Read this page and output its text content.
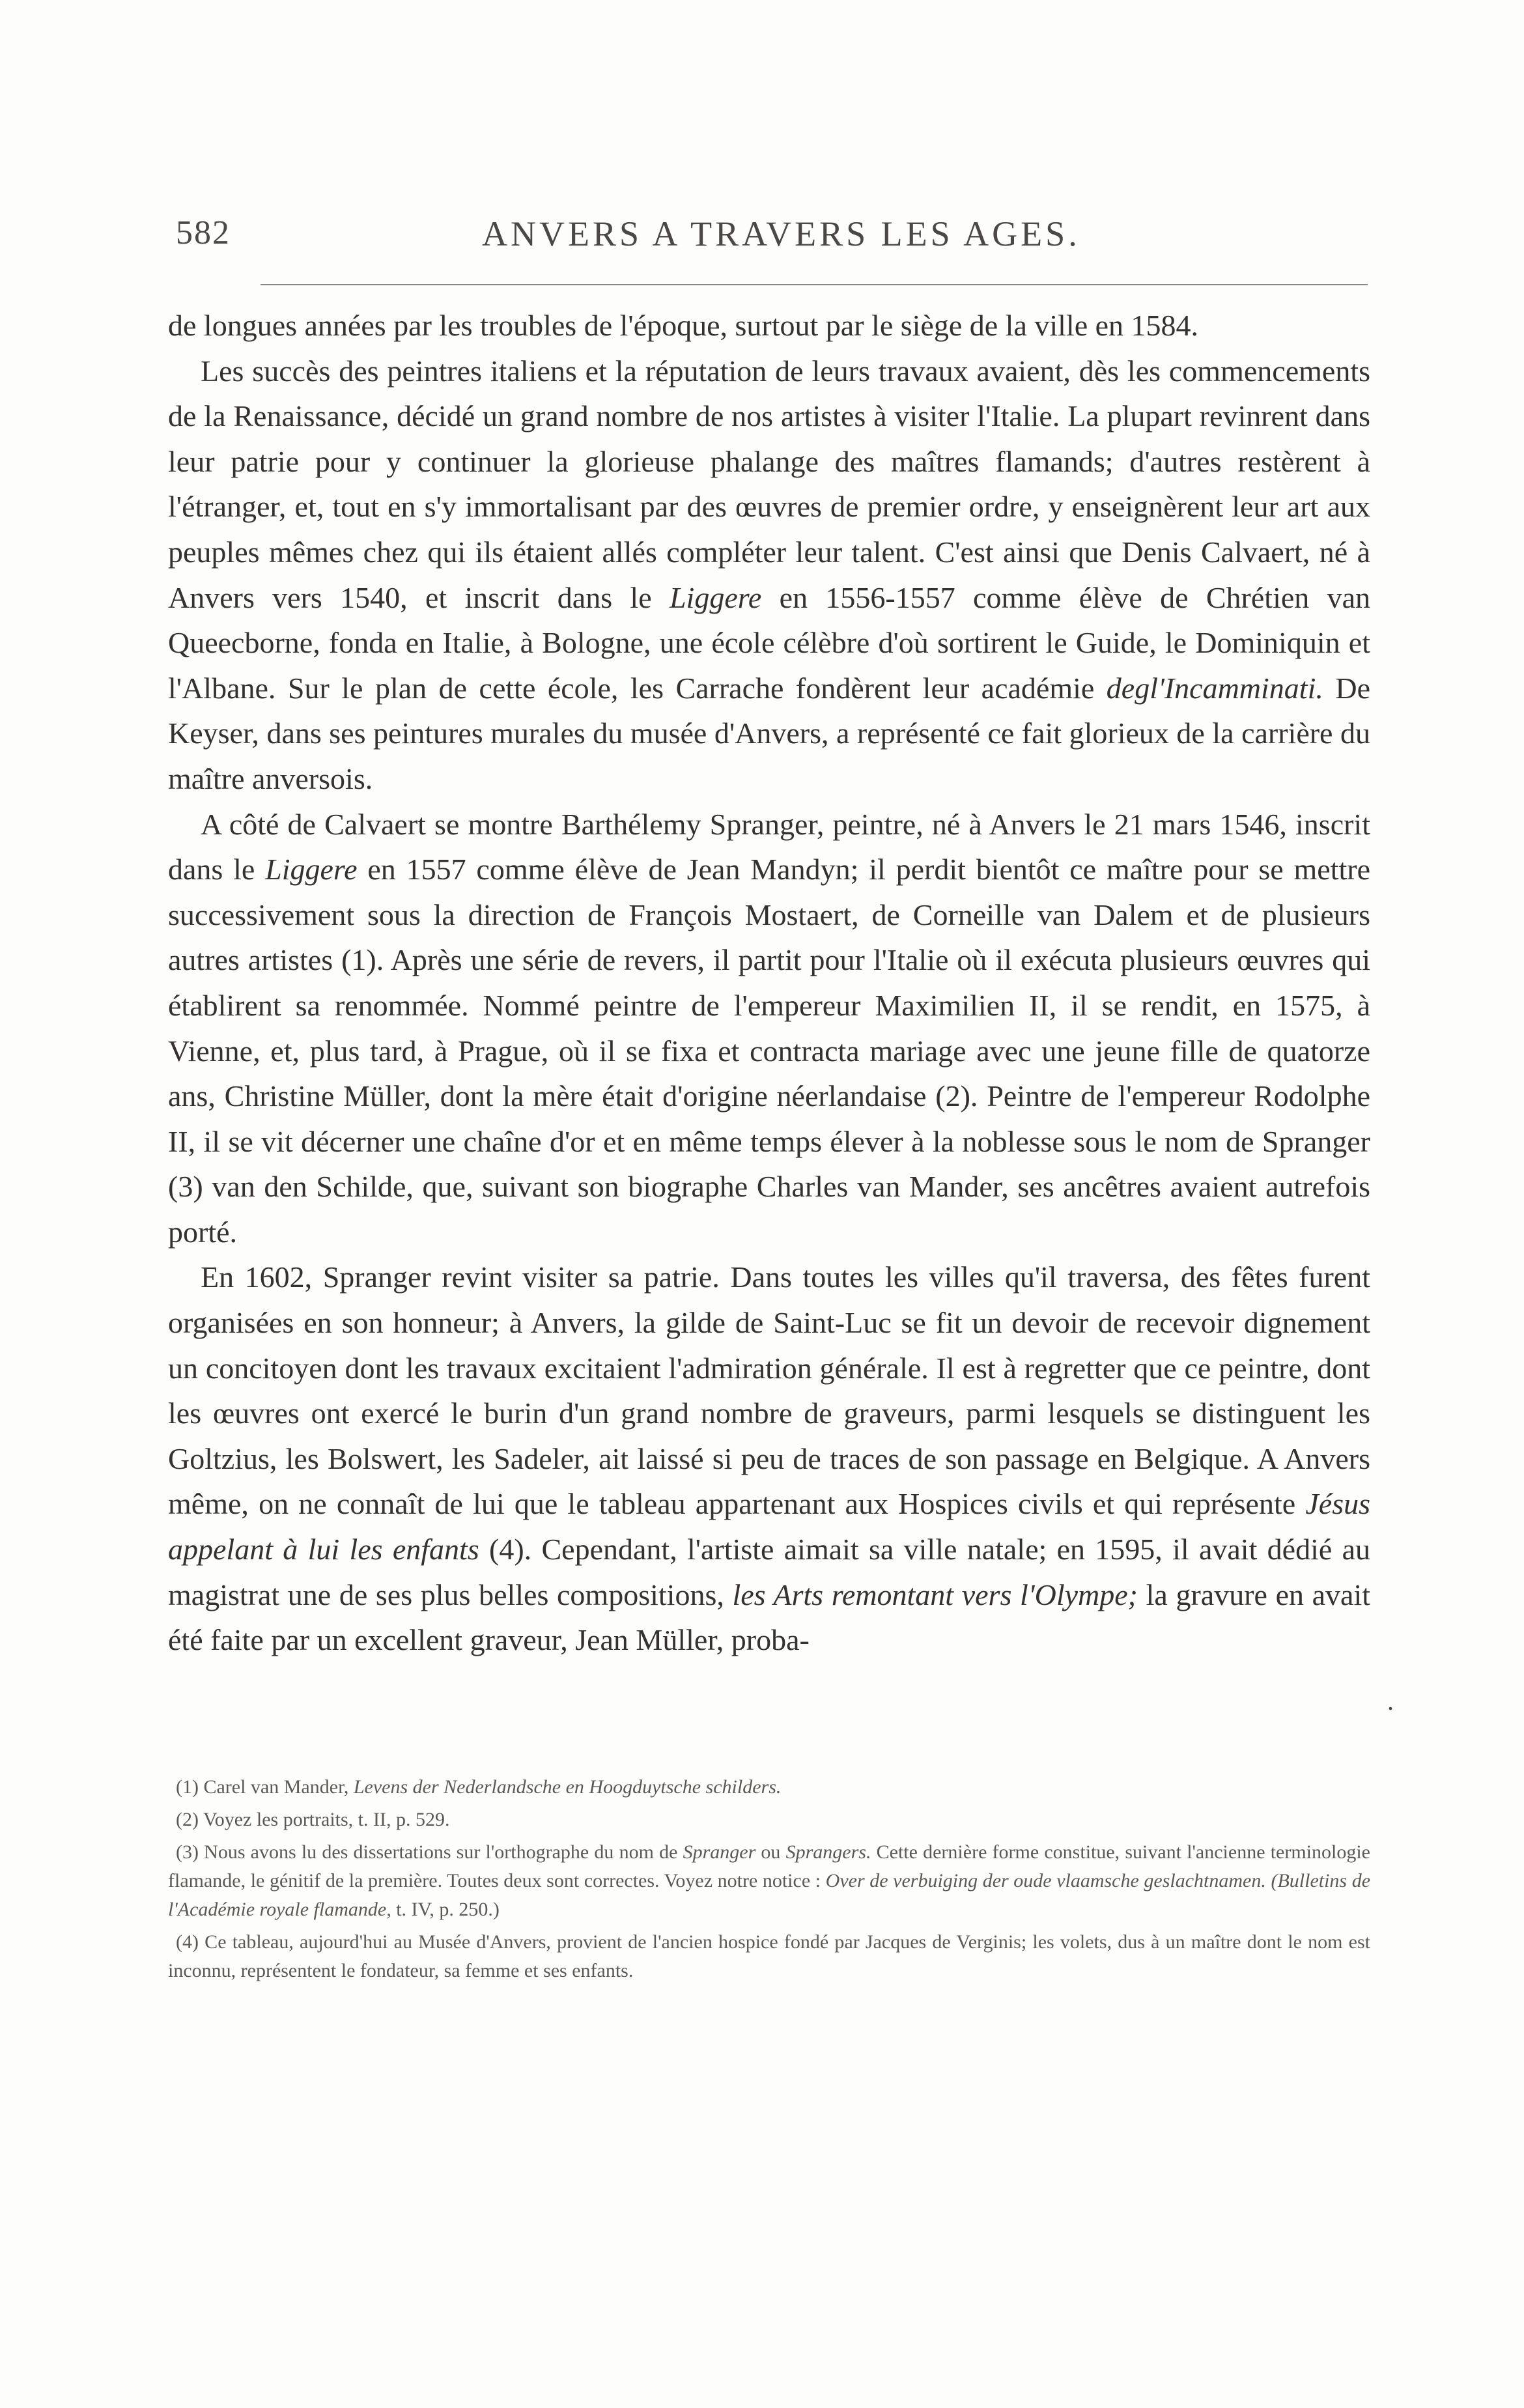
582	ANVERS A TRAVERS LES AGES.

de longues années par les troubles de l'époque, surtout par le siège de la ville en 1584.

Les succès des peintres italiens et la réputation de leurs travaux avaient, dès les commencements de la Renaissance, décidé un grand nombre de nos artistes à visiter l'Italie. La plupart revinrent dans leur patrie pour y continuer la glorieuse phalange des maîtres flamands; d'autres restèrent à l'étranger, et, tout en s'y immortalisant par des œuvres de premier ordre, y enseignèrent leur art aux peuples mêmes chez qui ils étaient allés compléter leur talent. C'est ainsi que Denis Calvaert, né à Anvers vers 1540, et inscrit dans le Liggere en 1556-1557 comme élève de Chrétien van Queecborne, fonda en Italie, à Bologne, une école célèbre d'où sortirent le Guide, le Dominiquin et l'Albane. Sur le plan de cette école, les Carrache fondèrent leur académie degl'Incamminati. De Keyser, dans ses peintures murales du musée d'Anvers, a représenté ce fait glorieux de la carrière du maître anversois.

A côté de Calvaert se montre Barthélemy Spranger, peintre, né à Anvers le 21 mars 1546, inscrit dans le Liggere en 1557 comme élève de Jean Mandyn; il perdit bientôt ce maître pour se mettre successivement sous la direction de François Mostaert, de Corneille van Dalem et de plusieurs autres artistes (1). Après une série de revers, il partit pour l'Italie où il exécuta plusieurs œuvres qui établirent sa renommée. Nommé peintre de l'empereur Maximilien II, il se rendit, en 1575, à Vienne, et, plus tard, à Prague, où il se fixa et contracta mariage avec une jeune fille de quatorze ans, Christine Müller, dont la mère était d'origine néerlandaise (2). Peintre de l'empereur Rodolphe II, il se vit décerner une chaîne d'or et en même temps élever à la noblesse sous le nom de Spranger (3) van den Schilde, que, suivant son biographe Charles van Mander, ses ancêtres avaient autrefois porté.

En 1602, Spranger revint visiter sa patrie. Dans toutes les villes qu'il traversa, des fêtes furent organisées en son honneur; à Anvers, la gilde de Saint-Luc se fit un devoir de recevoir dignement un concitoyen dont les travaux excitaient l'admiration générale. Il est à regretter que ce peintre, dont les œuvres ont exercé le burin d'un grand nombre de graveurs, parmi lesquels se distinguent les Goltzius, les Bolswert, les Sadeler, ait laissé si peu de traces de son passage en Belgique. A Anvers même, on ne connaît de lui que le tableau appartenant aux Hospices civils et qui représente Jésus appelant à lui les enfants (4). Cependant, l'artiste aimait sa ville natale; en 1595, il avait dédié au magistrat une de ses plus belles compositions, les Arts remontant vers l'Olympe; la gravure en avait été faite par un excellent graveur, Jean Müller, proba-

.

(1) Carel van Mander, Levens der Nederlandsche en Hoogduytsche schilders.

(2) Voyez les portraits, t. II, p. 529.

(3) Nous avons lu des dissertations sur l'orthographe du nom de Spranger ou Sprangers. Cette dernière forme constitue, suivant l'ancienne terminologie flamande, le génitif de la première. Toutes deux sont correctes. Voyez notre notice : Over de verbuiging der oude vlaamsche geslachtnamen. (Bulletins de l'Académie royale flamande, t. IV, p. 250.)

(4) Ce tableau, aujourd'hui au Musée d'Anvers, provient de l'ancien hospice fondé par Jacques de Verginis; les volets, dus à un maître dont le nom est inconnu, représentent le fondateur, sa femme et ses enfants.
